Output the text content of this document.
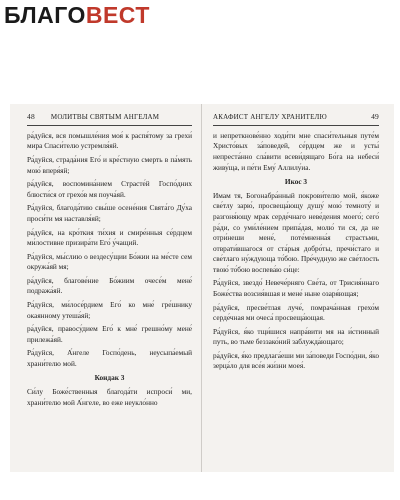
БЛАГОВЕСТ
48 МОЛИТВЫ СВЯТЫМ АНГЕЛАМ

ра́дуйся, вся помышле́ния моя́ к распя́тому за грехи́ мира Спаси́телю устремля́яй.

Ра́дуйся, страда́ния Его́ и кре́стную смерть в па́мять мою́ вперя́яй;

ра́дуйся, воспомина́нием Страсте́й Госпо́дних блюсти́ся от грехо́в мя поуча́яй.

Ра́дуйся, благода́тию свы́ше осене́ния Свята́го Ду́ха проси́ти мя наставля́яй;

ра́дуйся, на кро́ткия ти́хия и смире́нныя се́рдцем ми́лостивне призира́ти Его́ у́чащий.

Ра́дуйся, мы́слию о вездесу́щии Бо́жии на ме́сте сем окружа́яй мя;

ра́дуйся, благове́ние Бо́жиим очесе́м мене́ подража́яй.

Ра́дуйся, ми́лосе́рдием Его́ ко мне́ гре́шнику окаянному утеша́яй;

ра́дуйся, правосу́дием Его́ к мне́ грешно́му мене́ прилежа́яй.

Ра́дуйся, А́нгеле Госпо́день, неусыпа́емый храни́телю мой.

Кондак 3

Си́лу Боже́ственныя благода́ти испроси́ ми, храни́телю мой А́нгеле, во еже неукло́нно

АКАФИСТ АНГЕЛУ ХРАНИТЕЛЮ	49

и непреткнове́нно ходи́ти мне спаси́тельныя путе́м Христо́вых за́поведей, се́рдцем же и усты́ непреста́нно сла́вити всеви́дящаго Бо́га на небеси́ живу́ща, и пе́ти Ему́ Аллилу́иа.

Икос 3

Имам тя, Богонабра́нный покрови́телю мой, я́коже све́тлу зарю́, просвеща́ющу душу́ мою́ темноту́ и разгоня́ющу мрак серде́чнаго неве́дения моего́; сего́ ра́ди, со уми́ле́нием припа́дая, молю́ ти ся, да не отри́неши мене́, поте́мненна́я страстьми, отврати́вшагося от ста́рыя добро́ты, пречи́стаго и све́тлаго ну́ждующа то́бою. Пре́чудную же све́тлость твою́ то́бою воспева́ю си́це:

Ра́дуйся, звездо́ Невече́рняго Све́та, от Трисия́ннаго Боже́ства возсия́вшая и мене́ ныне озаря́ющая;

ра́дуйся, пресве́тлая луче́, помрача́нная грехо́м серде́чная ми очеса́ просвеща́ющая.

Ра́дуйся, я́ко тщи́шися напра́вити мя на и́стинный путь, во тьме беззако́ний заблужда́ющаго;

ра́дуйся, я́ко предлага́еши ми за́поведи Госпо́дни, я́ко зерца́ло для все́я жи́зни моея́.
